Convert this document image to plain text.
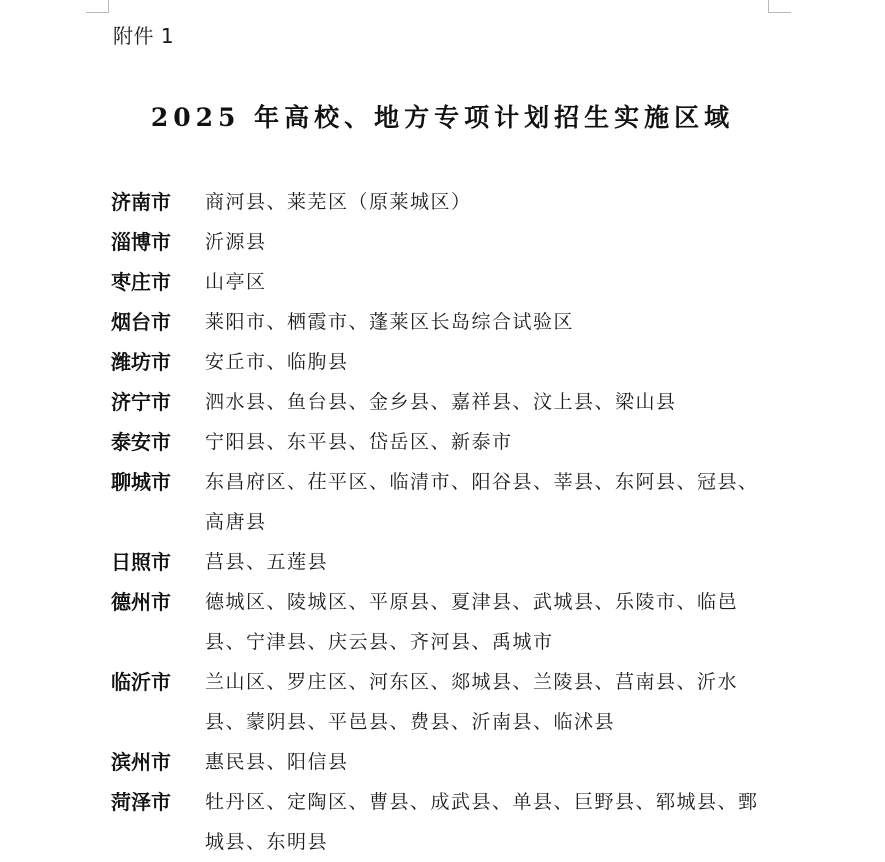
附件 1
2025 年高校、地方专项计划招生实施区域
济南市	商河县、莱芜区（原莱城区）
淄博市	沂源县
枣庄市	山亭区
烟台市	莱阳市、栖霞市、蓬莱区长岛综合试验区
潍坊市	安丘市、临朐县
济宁市	泗水县、鱼台县、金乡县、嘉祥县、汶上县、梁山县
泰安市	宁阳县、东平县、岱岳区、新泰市
聊城市	东昌府区、茌平区、临清市、阳谷县、莘县、东阿县、冠县、高唐县
日照市	莒县、五莲县
德州市	德城区、陵城区、平原县、夏津县、武城县、乐陵市、临邑县、宁津县、庆云县、齐河县、禹城市
临沂市	兰山区、罗庄区、河东区、郯城县、兰陵县、莒南县、沂水县、蒙阴县、平邑县、费县、沂南县、临沭县
滨州市	惠民县、阳信县
菏泽市	牡丹区、定陶区、曹县、成武县、单县、巨野县、郓城县、鄄城县、东明县
